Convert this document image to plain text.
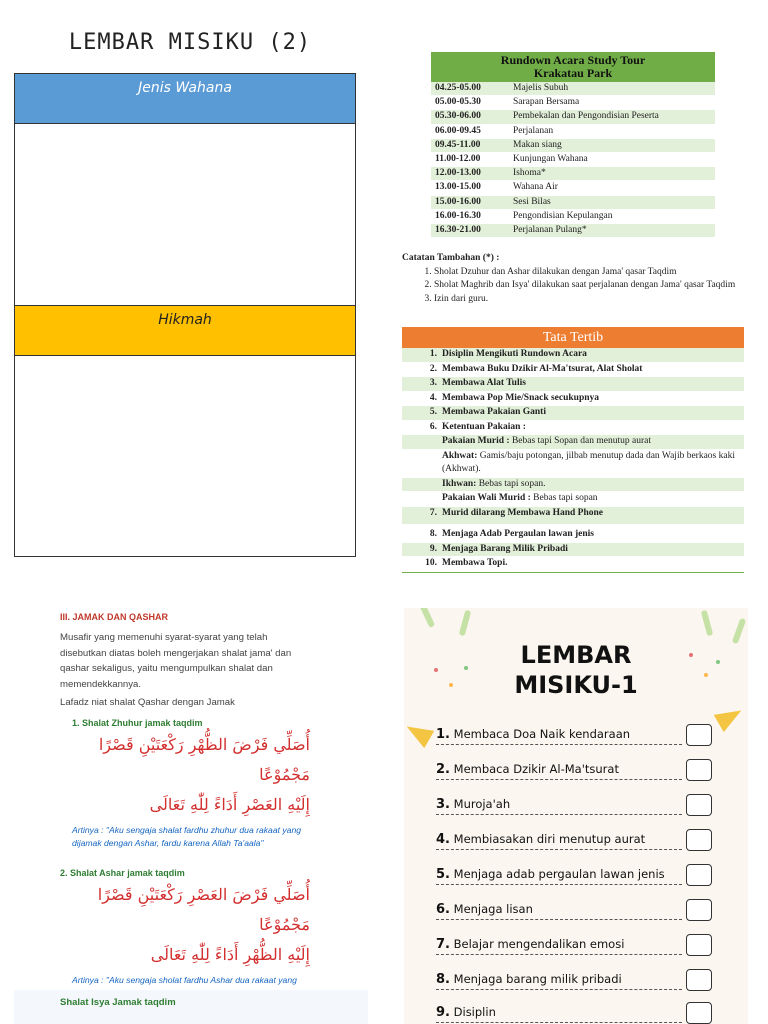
LEMBAR MISIKU (2)
Jenis Wahana
Hikmah
Rundown Acara Study Tour
Krakatau Park
04.25-05.00	Majelis Subuh
05.00-05.30	Sarapan Bersama
05.30-06.00	Pembekalan dan Pengondisian Peserta
06.00-09.45	Perjalanan
09.45-11.00	Makan siang
11.00-12.00	Kunjungan Wahana
12.00-13.00	Ishoma*
13.00-15.00	Wahana Air
15.00-16.00	Sesi Bilas
16.00-16.30	Pengondisian Kepulangan
16.30-21.00	Perjalanan Pulang*
Catatan Tambahan (*) :
1. Sholat Dzuhur dan Ashar dilakukan dengan Jama' qasar Taqdim
2. Sholat Maghrib dan Isya' dilakukan saat perjalanan dengan Jama' qasar Taqdim
3. Izin dari guru.
Tata Tertib
1. Disiplin Mengikuti Rundown Acara
2. Membawa Buku Dzikir Al-Ma'tsurat, Alat Sholat
3. Membawa Alat Tulis
4. Membawa Pop Mie/Snack secukupnya
5. Membawa Pakaian Ganti
6. Ketentuan Pakaian :
Pakaian Murid : Bebas tapi Sopan dan menutup aurat
Akhwat: Gamis/baju potongan, jilbab menutup dada dan Wajib berkaos kaki (Akhwat).
Ikhwan: Bebas tapi sopan.
Pakaian Wali Murid : Bebas tapi sopan
7. Murid dilarang Membawa Hand Phone
8. Menjaga Adab Pergaulan lawan jenis
9. Menjaga Barang Milik Pribadi
10. Membawa Topi.
III. JAMAK DAN QASHAR
Musafir yang memenuhi syarat-syarat yang telah disebutkan diatas boleh mengerjakan shalat jama' dan qashar sekaligus, yaitu mengumpulkan shalat dan memendekkannya.
Lafadz niat shalat Qashar dengan Jamak
1. Shalat Zhuhur jamak taqdim
أُصَلِّي فَرْضَ الظُّهْرِ رَكْعَتَيْنِ قَصْرًا مَجْمُوْعًا
إِلَيْهِ العَصْرِ أَدَاءً لِلّٰهِ تَعَالَى
Artinya : "Aku sengaja shalat fardhu zhuhur dua rakaat yang dijamak dengan Ashar, fardu karena Allah Ta'aala"
2. Shalat Ashar jamak taqdim
أُصَلِّي فَرْضَ العَصْرِ رَكْعَتَيْنِ قَصْرًا مَجْمُوْعًا
إِلَيْهِ الظُّهْرِ أَدَاءً لِلّٰهِ تَعَالَى
Artinya : "Aku sengaja sholat fardhu Ashar dua rakaat yang
Shalat Isya Jamak taqdim
LEMBAR
MISIKU-1
1. Membaca Doa Naik kendaraan
2. Membaca Dzikir Al-Ma'tsurat
3. Muroja'ah
4. Membiasakan diri menutup aurat
5. Menjaga adab pergaulan lawan jenis
6. Menjaga lisan
7. Belajar mengendalikan emosi
8. Menjaga barang milik pribadi
9. Disiplin
